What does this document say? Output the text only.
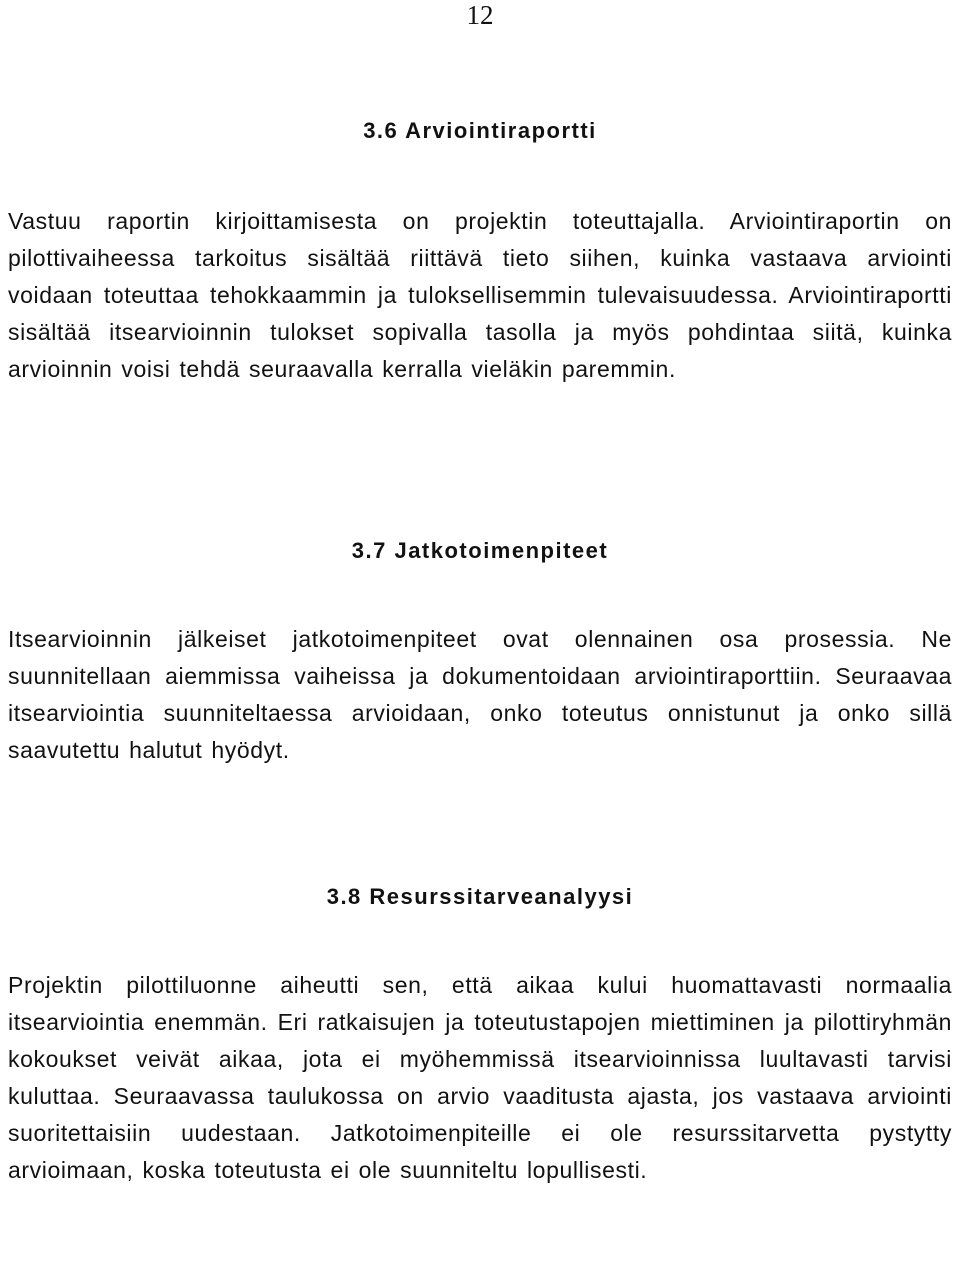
12
3.6 Arviointiraportti
Vastuu raportin kirjoittamisesta on projektin toteuttajalla. Arviointiraportin on pilottivaiheessa tarkoitus sisältää riittävä tieto siihen, kuinka vastaava arviointi voidaan toteuttaa tehokkaammin ja tuloksellisemmin tulevaisuudessa. Arviointiraportti sisältää itsearvioinnin tulokset sopivalla tasolla ja myös pohdintaa siitä, kuinka arvioinnin voisi tehdä seuraavalla kerralla vieläkin paremmin.
3.7 Jatkotoimenpiteet
Itsearvioinnin jälkeiset jatkotoimenpiteet ovat olennainen osa prosessia. Ne suunnitellaan aiemmissa vaiheissa ja dokumentoidaan arviointiraporttiin. Seuraavaa itsearviointia suunniteltaessa arvioidaan, onko toteutus onnistunut ja onko sillä saavutettu halutut hyödyt.
3.8 Resurssitarveanalyysi
Projektin pilottiluonne aiheutti sen, että aikaa kului huomattavasti normaalia itsearviointia enemmän. Eri ratkaisujen ja toteutustapojen miettiminen ja pilottiryhmän kokoukset veivät aikaa, jota ei myöhemmissä itsearvioinnissa luultavasti tarvisi kuluttaa. Seuraavassa taulukossa on arvio vaaditusta ajasta, jos vastaava arviointi suoritettaisiin uudestaan. Jatkotoimenpiteille ei ole resurssitarvetta pystytty arvioimaan, koska toteutusta ei ole suunniteltu lopullisesti.
